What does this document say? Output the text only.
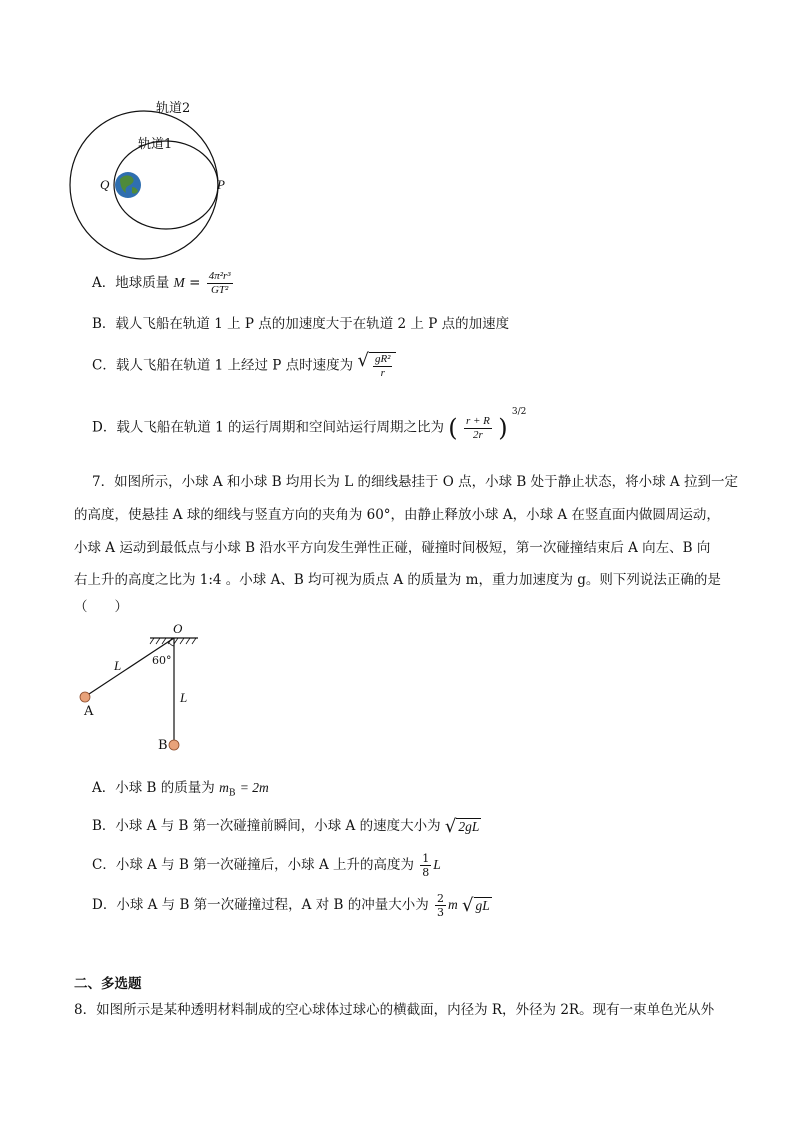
轨道2
轨道1
Q	P
A．地球质量 $M = \frac{\text{4π²r³}}{\text{GT²}}$
B．载人飞船在轨道 1 上 P 点的加速度大于在轨道 2 上 P 点的加速度
C．载人飞船在轨道 1 上经过 P 点时速度为 √ $\frac{\text{gR²}}{r}$
D．载人飞船在轨道 1 的运行周期和空间站运行周期之比为 ( $\frac{r + R}{2r}$ ) $^{3/2}$
7．如图所示，小球 A 和小球 B 均用长为 L 的细线悬挂于 O 点，小球 B 处于静止状态，将小球 A 拉到一定
的高度，使悬挂 A 球的细线与竖直方向的夹角为 60°，由静止释放小球 A，小球 A 在竖直面内做圆周运动，
小球 A 运动到最低点与小球 B 沿水平方向发生弹性正碰，碰撞时间极短，第一次碰撞结束后 A 向左、B 向
右上升的高度之比为 1:4 。小球 A、B 均可视为质点 A 的质量为 m，重力加速度为 g。则下列说法正确的是
（　　）
O
60°
L
L
A
B
A．小球 B 的质量为 $m_B = 2m$
B．小球 A 与 B 第一次碰撞前瞬间，小球 A 的速度大小为 √ 2gL
C．小球 A 与 B 第一次碰撞后，小球 A 上升的高度为 $\frac{1}{8}$ L
D．小球 A 与 B 第一次碰撞过程，A 对 B 的冲量大小为 $\frac{2}{3}$ m √ gL
二、多选题
8．如图所示是某种透明材料制成的空心球体过球心的横截面，内径为 R，外径为 2R。现有一束单色光从外
